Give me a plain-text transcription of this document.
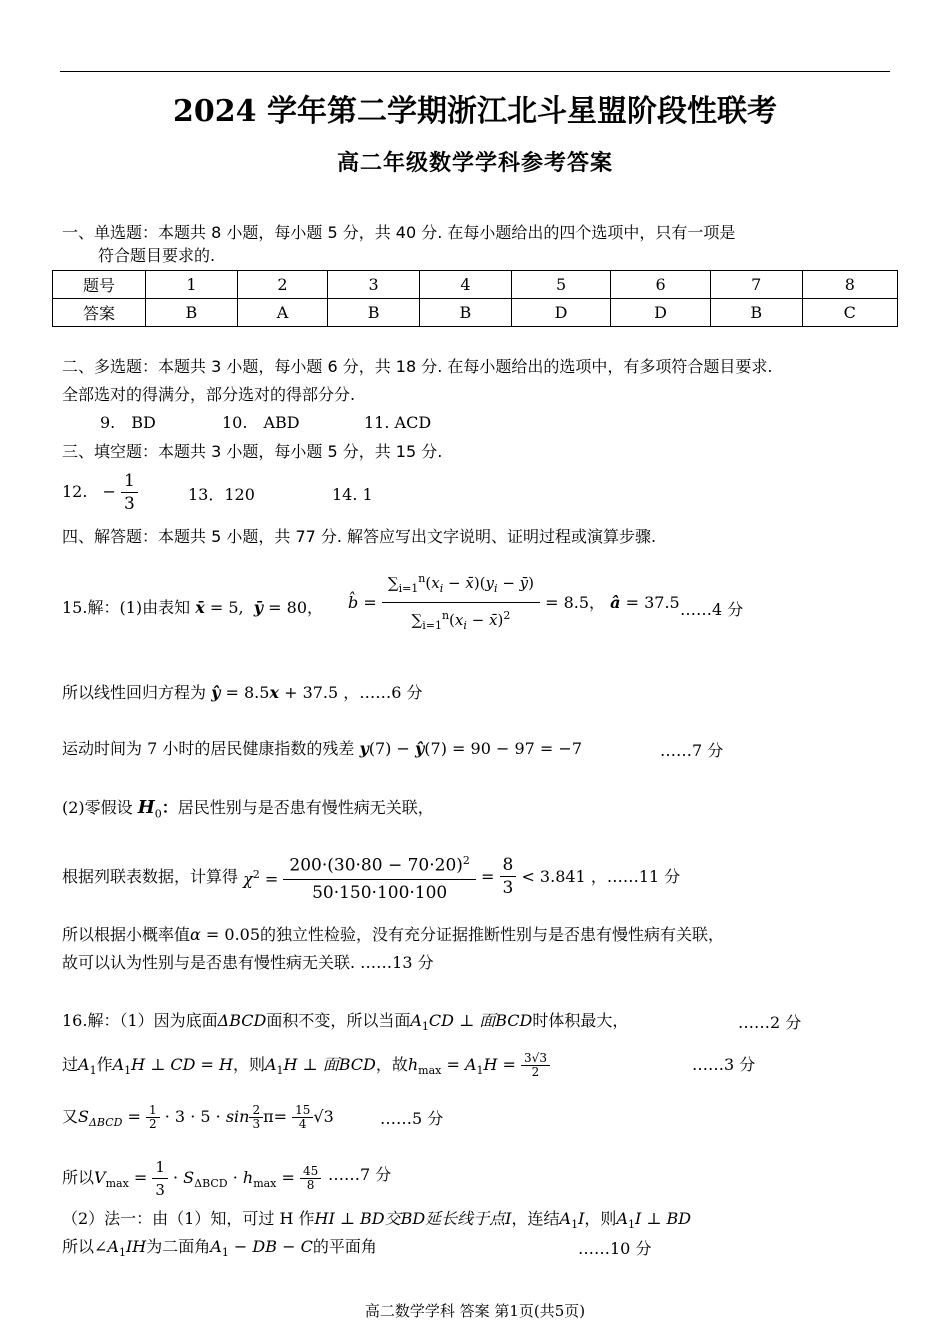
2024 学年第二学期浙江北斗星盟阶段性联考
高二年级数学学科参考答案
一、单选题：本题共 8 小题，每小题 5 分，共 40 分. 在每小题给出的四个选项中，只有一项是
符合题目要求的.
题号	1	2	3	4	5	6	7	8
答案	B	A	B	B	D	D	B	C
二、多选题：本题共 3 小题，每小题 6 分，共 18 分. 在每小题给出的选项中，有多项符合题目要求.
全部选对的得满分，部分选对的得部分分.
9.　BD	10.　ABD	11. ACD
三、填空题：本题共 3 小题，每小题 5 分，共 15 分.
12. − $\frac{1}{3}$	13．120	14. 1
四、解答题：本题共 5 小题，共 77 分. 解答应写出文字说明、证明过程或演算步骤.
15.解：(1)由表知 x̄ = 5,  ȳ = 80， b̂ = $\frac{\sum_{i=1}^n(x_i - x̄)(y_i - ȳ)}{\sum_{i=1}^n(x_i - x̄)^2} = 8.5$， â = 37.5 ……4 分
所以线性回归方程为 ŷ = 8.5x + 37.5 ，……6 分
运动时间为 7 小时的居民健康指数的残差 y(7) − ŷ(7) = 90 − 97 = −7	……7 分
(2)零假设 $H_0$：居民性别与是否患有慢性病无关联，
根据列联表数据，计算得 $\chi^2 = \frac{200\cdot(30\cdot 80 - 70\cdot 20)^2}{50\cdot 150\cdot 100\cdot 100} = \frac{8}{3} < 3.841$ ，……11 分
所以根据小概率值α = 0.05的独立性检验，没有充分证据推断性别与是否患有慢性病有关联，
故可以认为性别与是否患有慢性病无关联. ……13 分
16.解：（1）因为底面ΔBCD面积不变，所以当面$A_1CD$ ⊥ 面BCD时体积最大，	……2 分
过$A_1$作$A_1H$ ⊥ CD = H，则$A_1H$ ⊥ 面BCD，故$h_{max} = A_1H = \frac{3√3}{2}$	……3 分
又$S_{\Delta BCD} = \frac{1}{2} \cdot 3 \cdot 5 \cdot \sin \frac{2}{3} \pi= \frac{15}{4} √3$	……5 分
所以$V_{max} = \frac{1}{3} \cdot S_{\Delta BCD} \cdot h_{max} = \frac{45}{8}$ ……7 分
（2）法一：由（1）知，可过 H 作HI ⊥ BD交BD延长线于点I，连结$A_1I$，则$A_1I$ ⊥ BD
所以$\angle A_1IH$为二面角$A_1$ − DB − C的平面角	……10 分
高二数学学科 答案 第1页(共5页)
